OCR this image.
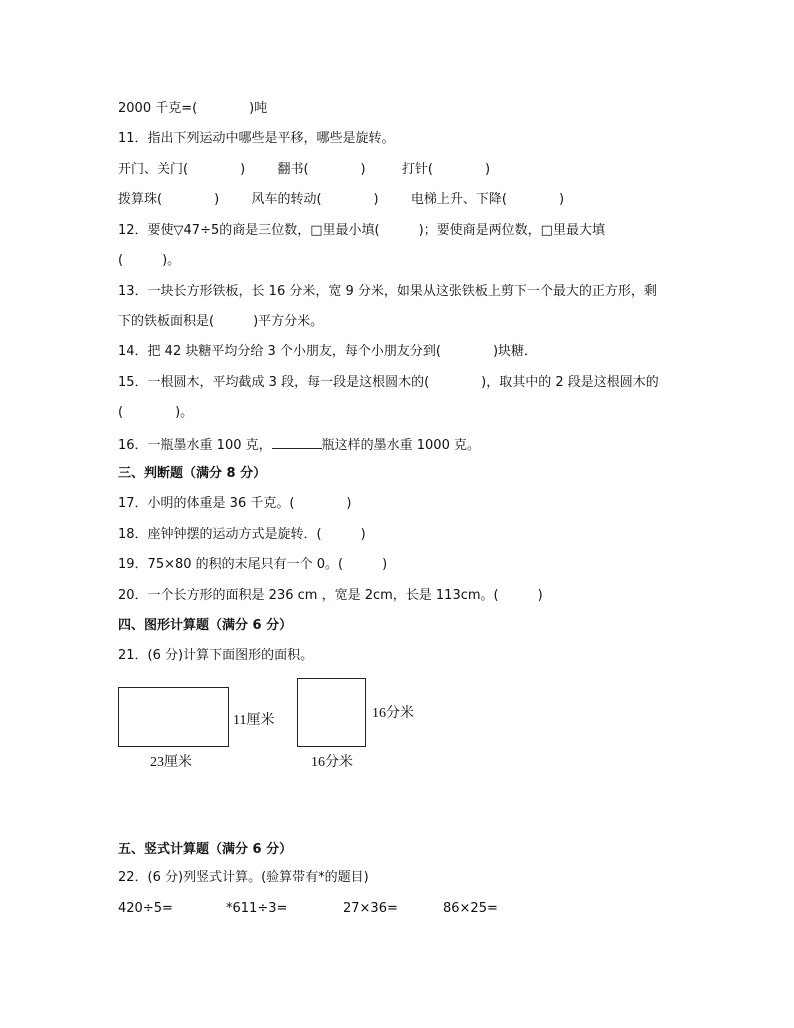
2000 千克=(　　　　)吨
11．指出下列运动中哪些是平移，哪些是旋转。
开门、关门(　　　　) 翻书(　　　　)	打针(　　　　)
拨算珠(　　　　) 风车的转动(　　　　) 电梯上升、下降(　　　　)
12．要使▽47÷5的商是三位数，□里最小填(　　　)；要使商是两位数，□里最大填
(　　　)。
13．一块长方形铁板，长 16 分米，宽 9 分米，如果从这张铁板上剪下一个最大的正方形，剩
下的铁板面积是(　　　)平方分米。
14．把 42 块糖平均分给 3 个小朋友，每个小朋友分到(　　　　)块糖．
15．一根圆木，平均截成 3 段，每一段是这根圆木的(　　　　)，取其中的 2 段是这根圆木的
(　　　　)。
16．一瓶墨水重 100 克，	瓶这样的墨水重 1000 克。
三、判断题（满分 8 分）
17．小明的体重是 36 千克。(　　　　)
18．座钟钟摆的运动方式是旋转．(　　　)
19．75×80 的积的末尾只有一个 0。(　　　)
20．一个长方形的面积是 236 cm ，宽是 2cm，长是 113cm。(　　　)
四、图形计算题（满分 6 分）
21．(6 分)计算下面图形的面积。
11厘米
23厘米
16分米
16分米
五、竖式计算题（满分 6 分）
22．(6 分)列竖式计算。(验算带有*的题目)
420÷5=	*611÷3=	27×36=	86×25=
